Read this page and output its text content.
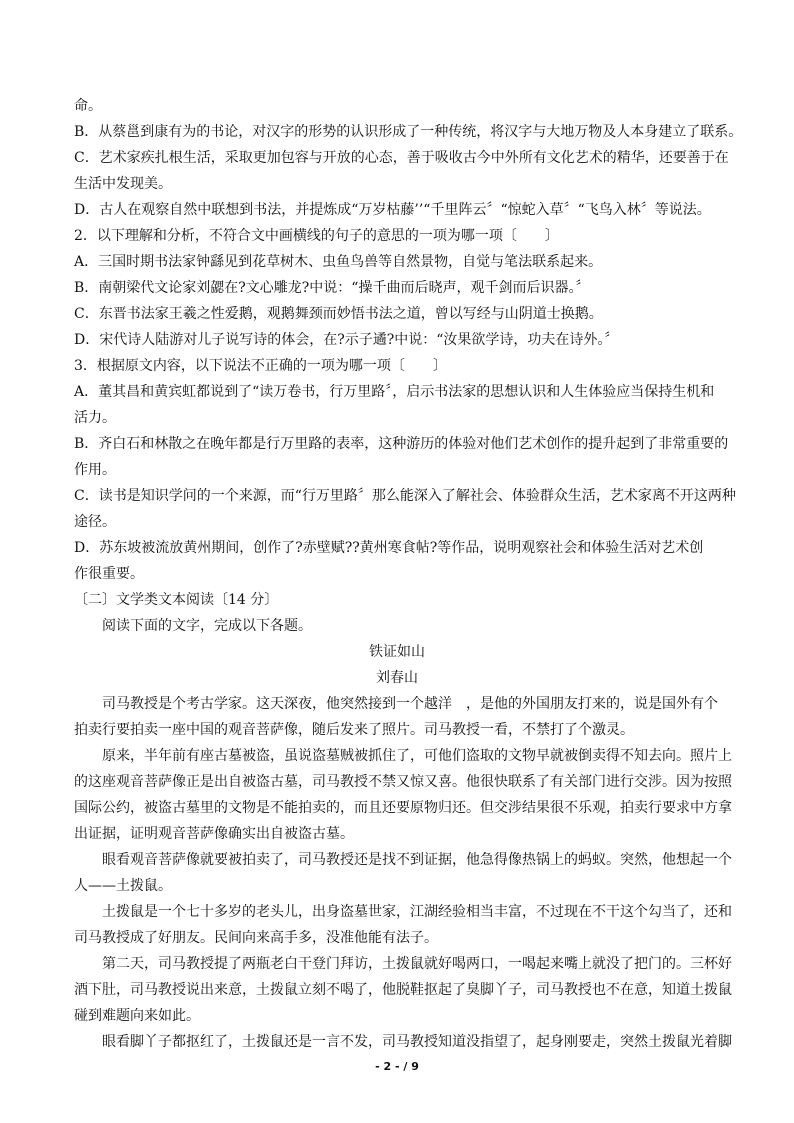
命。
B．从蔡邕到康有为的书论，对汉字的形势的认识形成了一种传统，将汉字与大地万物及人本身建立了联系。
C．艺术家疾扎根生活，采取更加包容与开放的心态，善于吸收古今中外所有文化艺术的精华，还要善于在
生活中发现美。
D．古人在观察自然中联想到书法，并提炼成“万岁枯藤’’“千里阵云〞“惊蛇入草〞“飞鸟入林〞等说法。
2．以下理解和分析，不符合文中画横线的句子的意思的一项为哪一项〔　　〕
A．三国时期书法家钟繇见到花草树木、虫鱼鸟兽等自然景物，自觉与笔法联系起来。
B．南朝梁代文论家刘勰在?文心雕龙?中说：“操千曲而后晓声，观千剑而后识器。〞
C．东晋书法家王羲之性爱鹅，观鹅舞颈而妙悟书法之道，曾以写经与山阴道士换鹅。
D．宋代诗人陆游对儿子说写诗的体会，在?示子遹?中说：“汝果欲学诗，功夫在诗外。〞
3．根据原文内容，以下说法不正确的一项为哪一项〔　　〕
A．董其昌和黄宾虹都说到了“读万卷书，行万里路〞，启示书法家的思想认识和人生体验应当保持生机和
活力。
B．齐白石和林散之在晚年都是行万里路的表率，这种游历的体验对他们艺术创作的提升起到了非常重要的
作用。
C．读书是知识学问的一个来源，而“行万里路〞那么能深入了解社会、体验群众生活，艺术家离不开这两种
途径。
D．苏东坡被流放黄州期间，创作了?赤壁赋??黄州寒食帖?等作品，说明观察社会和体验生活对艺术创
作很重要。
〔二〕文学类文本阅读〔14 分〕
阅读下面的文字，完成以下各题。
铁证如山
刘春山
司马教授是个考古学家。这天深夜，他突然接到一个越洋　，是他的外国朋友打来的，说是国外有个
拍卖行要拍卖一座中国的观音菩萨像，随后发来了照片。司马教授一看，不禁打了个激灵。
原来，半年前有座古墓被盗，虽说盗墓贼被抓住了，可他们盗取的文物早就被倒卖得不知去向。照片上
的这座观音菩萨像正是出自被盗古墓，司马教授不禁又惊又喜。他很快联系了有关部门进行交涉。因为按照
国际公约，被盗古墓里的文物是不能拍卖的，而且还要原物归还。但交涉结果很不乐观，拍卖行要求中方拿
出证据，证明观音菩萨像确实出自被盗古墓。
眼看观音菩萨像就要被拍卖了，司马教授还是找不到证据，他急得像热锅上的蚂蚁。突然，他想起一个
人——土拨鼠。
土拨鼠是一个七十多岁的老头儿，出身盗墓世家，江湖经验相当丰富，不过现在不干这个勾当了，还和
司马教授成了好朋友。民间向来高手多，没准他能有法子。
第二天，司马教授提了两瓶老白干登门拜访，土拨鼠就好喝两口，一喝起来嘴上就没了把门的。三杯好
酒下肚，司马教授说出来意，土拨鼠立刻不喝了，他脱鞋抠起了臭脚丫子，司马教授也不在意，知道土拨鼠
碰到难题向来如此。
眼看脚丫子都抠红了，土拨鼠还是一言不发，司马教授知道没指望了，起身刚要走，突然土拨鼠光着脚
- 2 - / 9
